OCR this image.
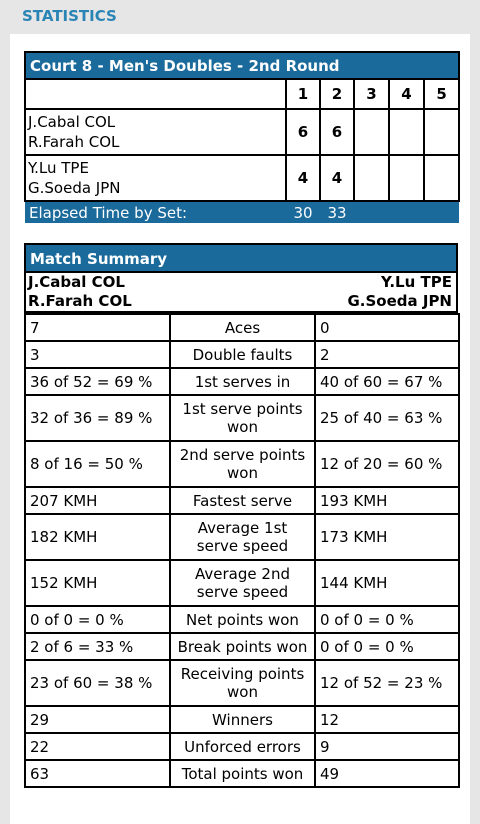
STATISTICS
Court 8 - Men's Doubles - 2nd Round					
	1	2	3	4	5

J.Cabal COL
R.Farah COL	6	6			

Y.Lu TPE
G.Soeda JPN	4	4			
Elapsed Time by Set:	30	33			
Match Summary
J.Cabal COL
R.Farah COL
Y.Lu TPE
G.Soeda JPN
7	Aces	0
3	Double faults	2
36 of 52 = 69 %	1st serves in	40 of 60 = 67 %
32 of 36 = 89 %	1st serve points won	25 of 40 = 63 %
8 of 16 = 50 %	2nd serve points won	12 of 20 = 60 %
207 KMH	Fastest serve	193 KMH
182 KMH	Average 1st serve speed	173 KMH
152 KMH	Average 2nd serve speed	144 KMH
0 of 0 = 0 %	Net points won	0 of 0 = 0 %
2 of 6 = 33 %	Break points won	0 of 0 = 0 %
23 of 60 = 38 %	Receiving points won	12 of 52 = 23 %
29	Winners	12
22	Unforced errors	9
63	Total points won	49
